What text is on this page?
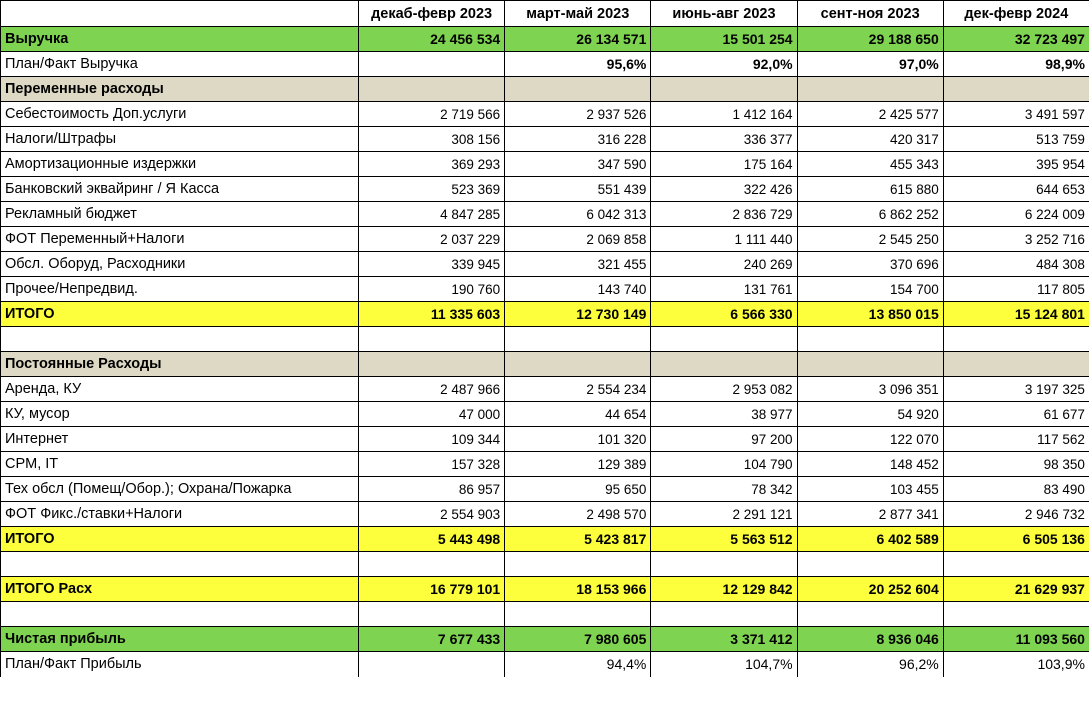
	декаб-февр 2023	март-май 2023	июнь-авг 2023	сент-ноя 2023	дек-февр 2024
Выручка	24 456 534	26 134 571	15 501 254	29 188 650	32 723 497
План/Факт Выручка		95,6%	92,0%	97,0%	98,9%
Переменные расходы					
Себестоимость Доп.услуги	2 719 566	2 937 526	1 412 164	2 425 577	3 491 597
Налоги/Штрафы	308 156	316 228	336 377	420 317	513 759
Амортизационные издержки	369 293	347 590	175 164	455 343	395 954
Банковский эквайринг / Я Касса	523 369	551 439	322 426	615 880	644 653
Рекламный бюджет	4 847 285	6 042 313	2 836 729	6 862 252	6 224 009
ФОТ Переменный+Налоги	2 037 229	2 069 858	1 111 440	2 545 250	3 252 716
Обсл. Оборуд, Расходники	339 945	321 455	240 269	370 696	484 308
Прочее/Непредвид.	190 760	143 740	131 761	154 700	117 805
ИТОГО	11 335 603	12 730 149	6 566 330	13 850 015	15 124 801

Постоянные Расходы					
Аренда, КУ	2 487 966	2 554 234	2 953 082	3 096 351	3 197 325
КУ, мусор	47 000	44 654	38 977	54 920	61 677
Интернет	109 344	101 320	97 200	122 070	117 562
CPM, IT	157 328	129 389	104 790	148 452	98 350
Тех обсл (Помещ/Обор.); Охрана/Пожарка	86 957	95 650	78 342	103 455	83 490
ФОТ Фикс./ставки+Налоги	2 554 903	2 498 570	2 291 121	2 877 341	2 946 732
ИТОГО	5 443 498	5 423 817	5 563 512	6 402 589	6 505 136

ИТОГО Расх	16 779 101	18 153 966	12 129 842	20 252 604	21 629 937

Чистая прибыль	7 677 433	7 980 605	3 371 412	8 936 046	11 093 560
План/Факт Прибыль		94,4%	104,7%	96,2%	103,9%
